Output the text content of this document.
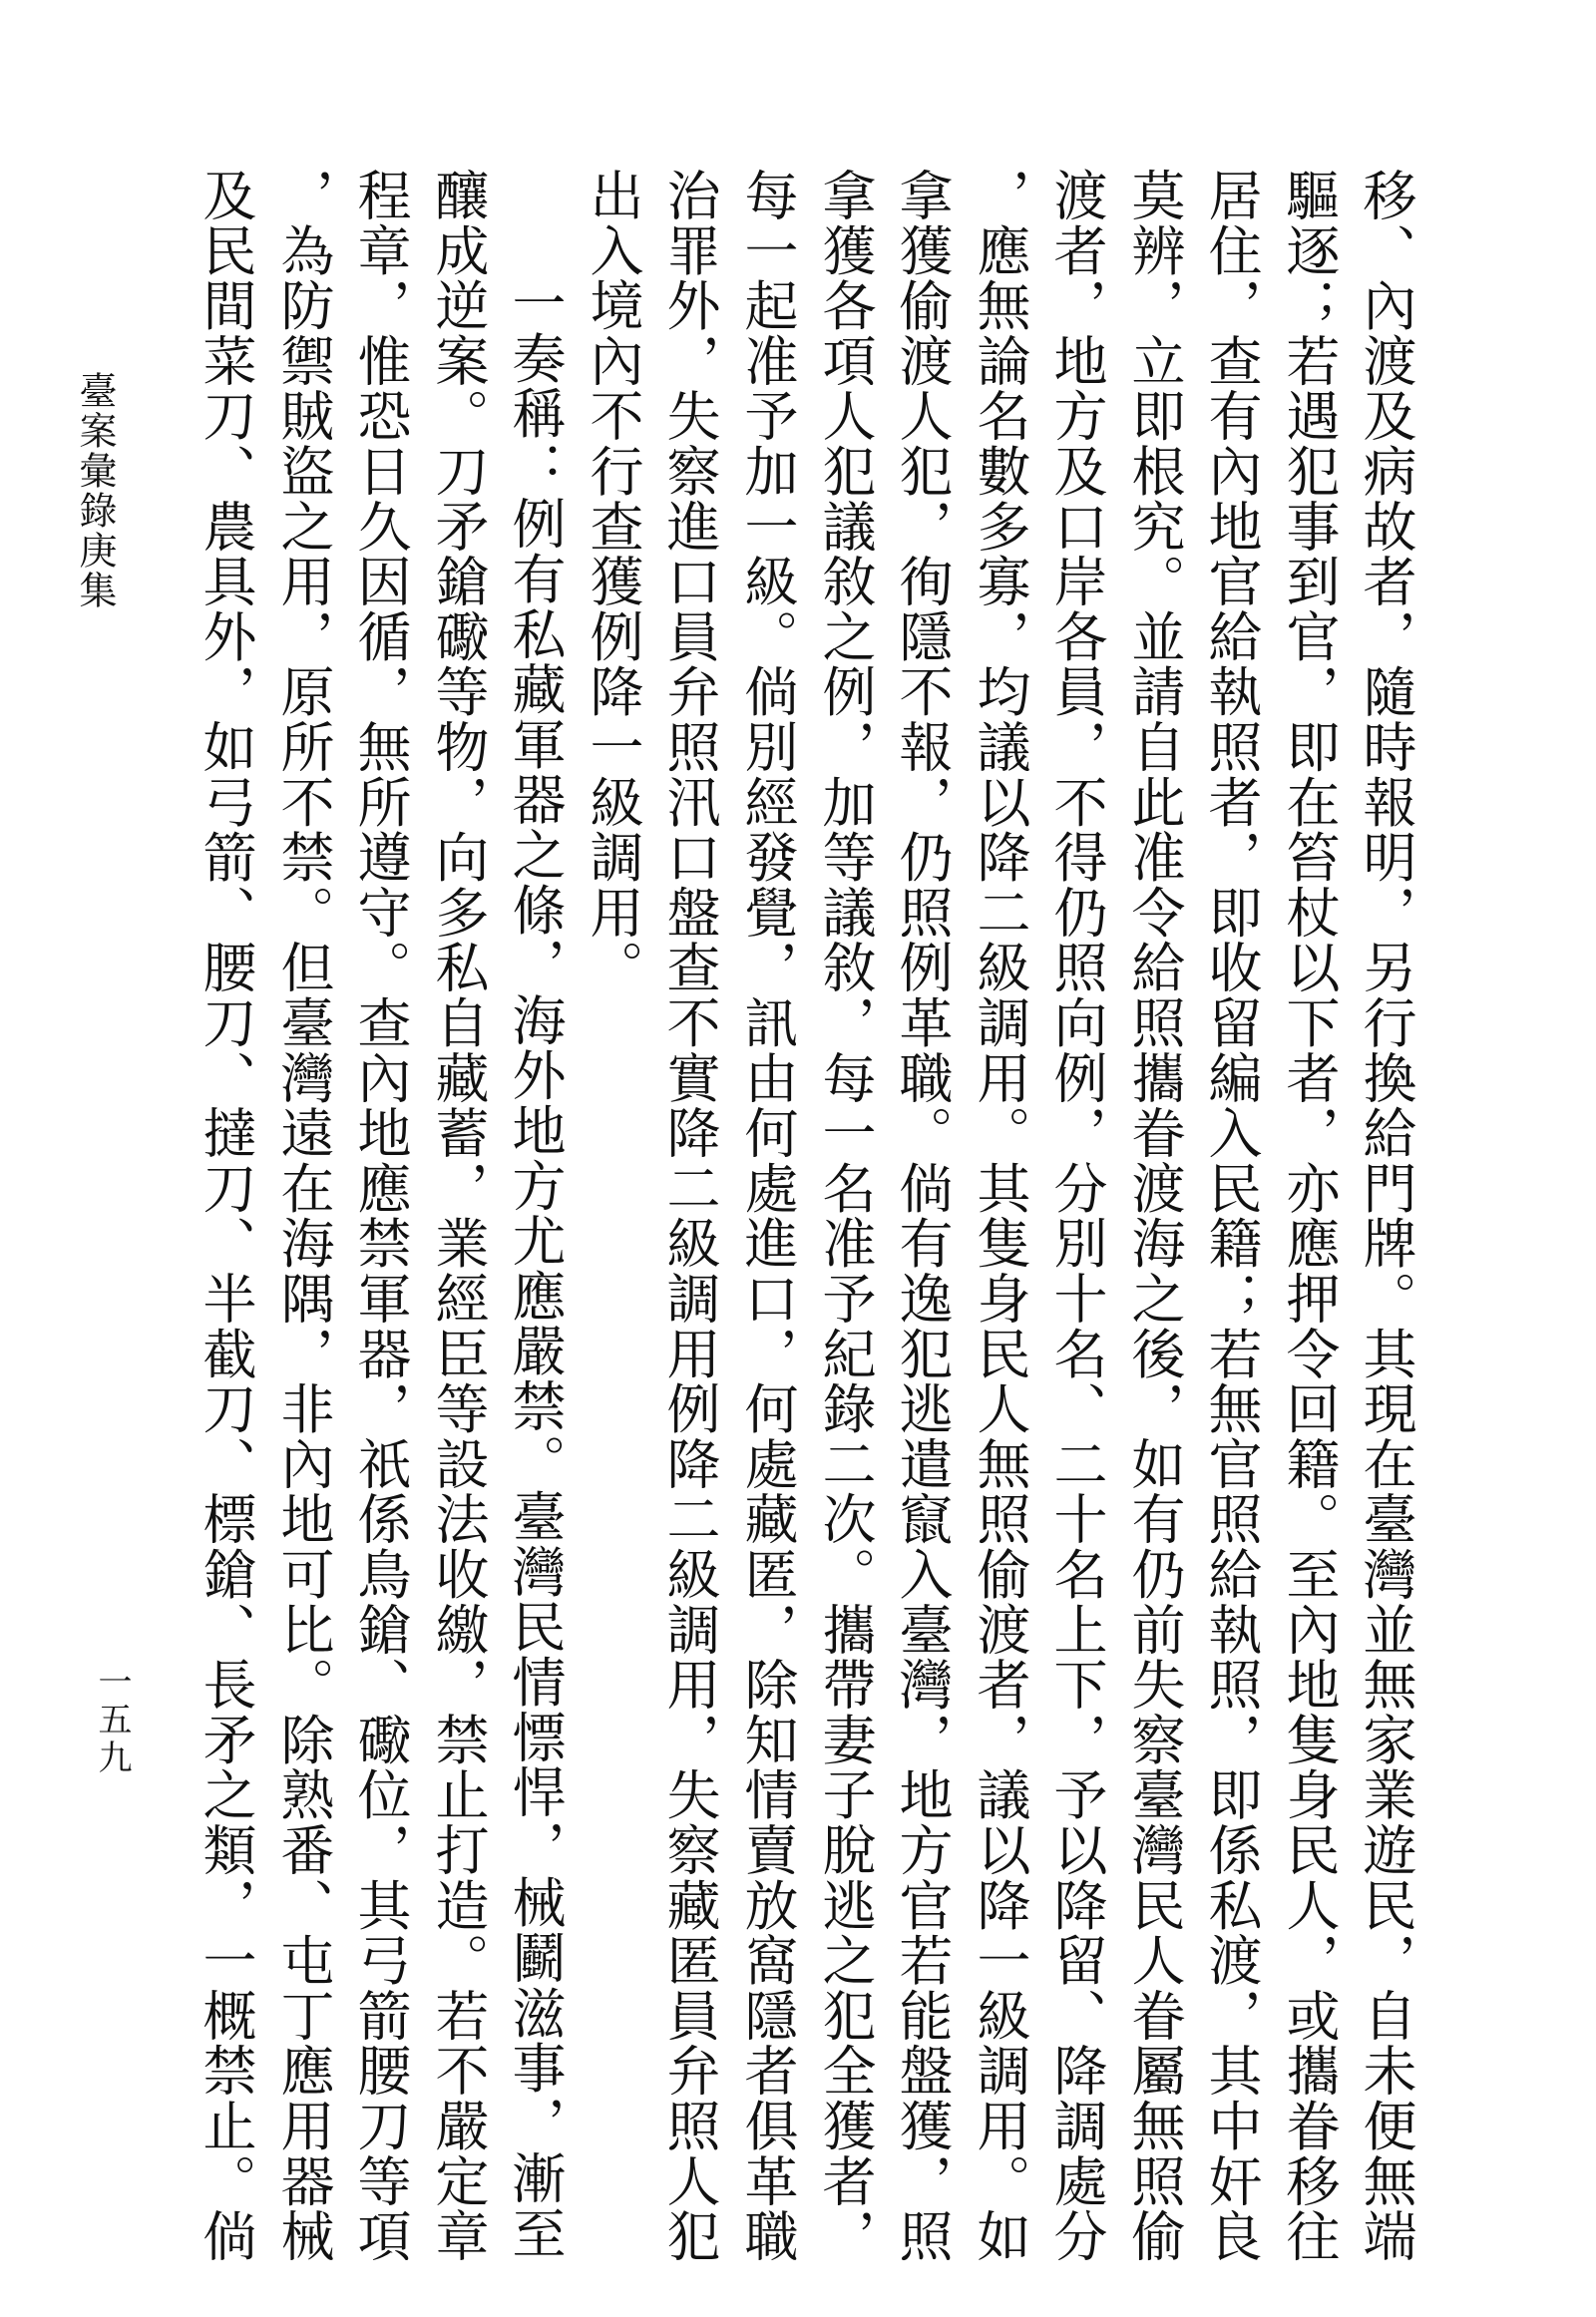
移、內渡及病故者，隨時報明，另行換給門牌。其現在臺灣並無家業遊民，自未便無端
驅逐；若遇犯事到官，即在笞杖以下者，亦應押令回籍。至內地隻身民人，或攜眷移往
居住，查有內地官給執照者，即收留編入民籍；若無官照給執照，即係私渡，其中奸良
莫辨，立即根究。並請自此准令給照攜眷渡海之後，如有仍前失察臺灣民人眷屬無照偷
渡者，地方及口岸各員，不得仍照向例，分別十名、二十名上下，予以降留、降調處分
，應無論名數多寡，均議以降二級調用。其隻身民人無照偷渡者，議以降一級調用。如
拿獲偷渡人犯，徇隱不報，仍照例革職。倘有逸犯逃遣竄入臺灣，地方官若能盤獲，照
拿獲各項人犯議敘之例，加等議敘，每一名准予紀錄二次。攜帶妻子脫逃之犯全獲者，
每一起准予加一級。倘別經發覺，訊由何處進口，何處藏匿，除知情賣放窩隱者俱革職
治罪外，失察進口員弁照汛口盤查不實降二級調用例降二級調用，失察藏匿員弁照人犯
出入境內不行查獲例降一級調用。
一奏稱：例有私藏軍器之條，海外地方尤應嚴禁。臺灣民情慓悍，械鬬滋事，漸至
釀成逆案。刀矛鎗礮等物，向多私自藏蓄，業經臣等設法收繳，禁止打造。若不嚴定章
程章，惟恐日久因循，無所遵守。查內地應禁軍器，祇係鳥鎗、礮位，其弓箭腰刀等項
，為防禦賊盜之用，原所不禁。但臺灣遠在海隅，非內地可比。除熟番、屯丁應用器械
及民間菜刀、農具外，如弓箭、腰刀、撻刀、半截刀、標鎗、長矛之類，一概禁止。倘
臺案彙錄庚集
一五九
